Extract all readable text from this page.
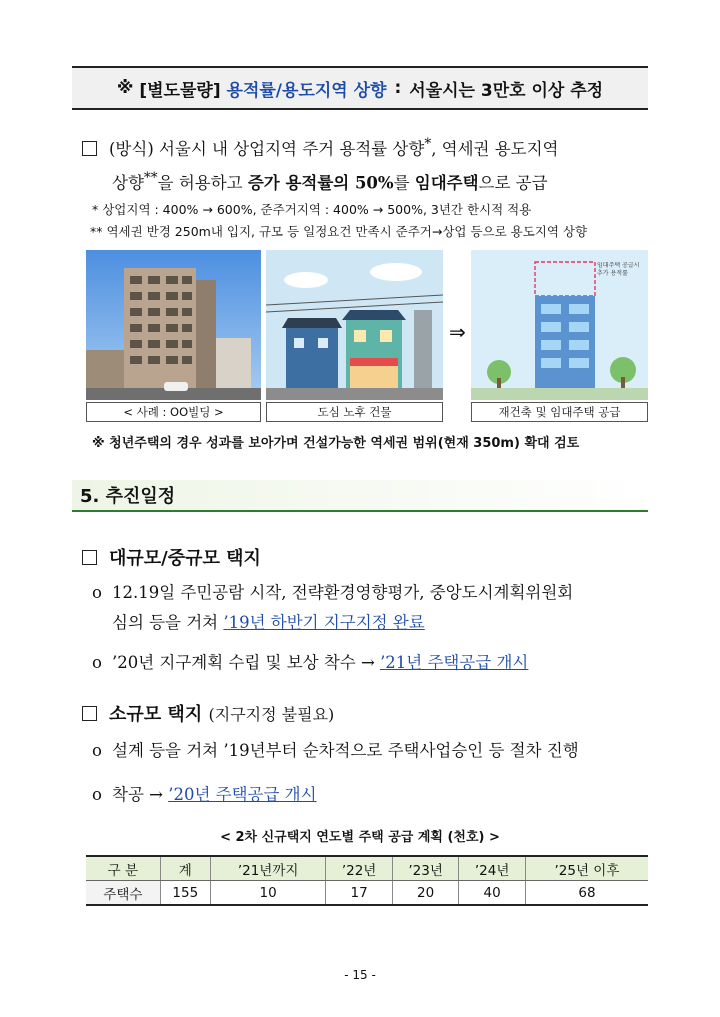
※
[별도물량]
용적률/용도지역 상향 : 서울시는 3만호 이상 추정
(방식) 서울시 내 상업지역 주거 용적률 상향*, 역세권 용도지역
상향**을 허용하고 증가 용적률의 50%를 임대주택으로 공급
* 상업지역 : 400% → 600%, 준주거지역 : 400% → 500%, 3년간 한시적 적용
** 역세권 반경 250m내 입지, 규모 등 일정요건 만족시 준주거→상업 등으로 용도지역 상향
< 사례 : OO빌딩 >	도심 노후 건물
⇒
임대주택 공급시 추가 용적률
재건축 및 임대주택 공급
※ 청년주택의 경우 성과를 보아가며 건설가능한 역세권 범위(현재 350m) 확대 검토
5. 추진일정
대규모/중규모 택지
o 12.19일 주민공람 시작, 전략환경영향평가, 중앙도시계획위원회
심의 등을 거쳐 ’19년 하반기 지구지정 완료
o ’20년 지구계획 수립 및 보상 착수 → ’21년 주택공급 개시
소규모 택지 (지구지정 불필요)
o 설계 등을 거쳐 ’19년부터 순차적으로 주택사업승인 등 절차 진행
o 착공 → ’20년 주택공급 개시
< 2차 신규택지 연도별 주택 공급 계획 (천호) >
구 분	계	’21년까지	’22년	’23년	’24년	’25년 이후
주택수	155	10	17	20	40	68
- 15 -
